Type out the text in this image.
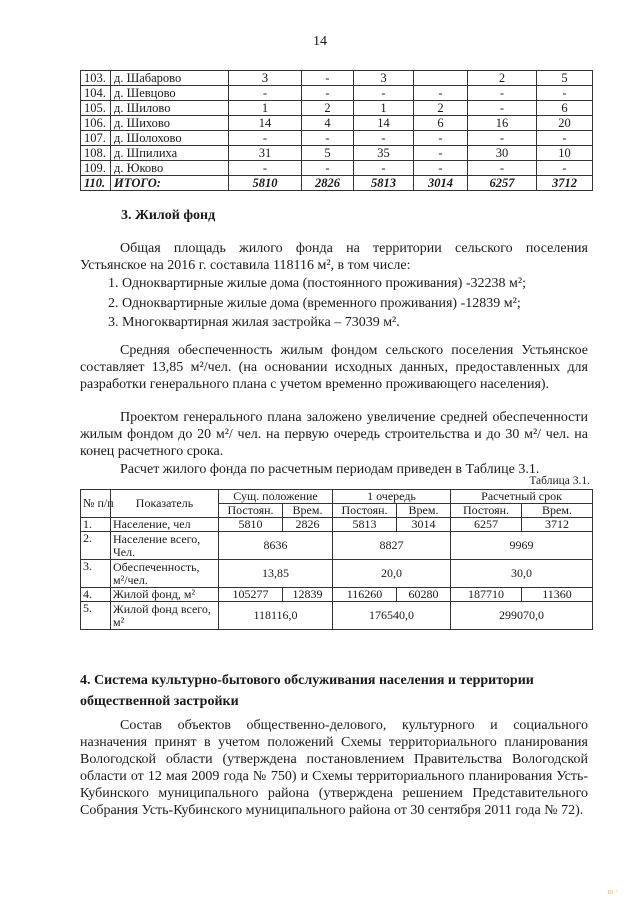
14
103.	д. Шабарово	3	-	3		2	5
104.	д. Шевцово	-	-	-	-	-	-
105.	д. Шилово	1	2	1	2	-	6
106.	д. Шихово	14	4	14	6	16	20
107.	д. Шолохово	-	-	-	-	-	-
108.	д. Шпилиха	31	5	35	-	30	10
109.	д. Юково	-	-	-	-	-	-
110.	ИТОГО:	5810	2826	5813	3014	6257	3712
3. Жилой фонд
Общая площадь жилого фонда на территории сельского поселения Устьянское на 2016 г. составила 118116 м², в том числе:
1. Одноквартирные жилые дома (постоянного проживания) -32238 м²;
2. Одноквартирные жилые дома (временного проживания) -12839 м²;
3. Многоквартирная жилая застройка – 73039 м².
Средняя обеспеченность жилым фондом сельского поселения Устьянское составляет 13,85 м²/чел. (на основании исходных данных, предоставленных для разработки генерального плана с учетом временно проживающего населения).
Проектом генерального плана заложено увеличение средней обеспеченности жилым фондом до 20 м²/ чел. на первую очередь строительства и до 30 м²/ чел. на конец расчетного срока.
Расчет жилого фонда по расчетным периодам приведен в Таблице 3.1.
Таблица 3.1.
№ п/п	Показатель	Сущ. положение		1 очередь		Расчетный срок	
		Постоян.	Врем.	Постоян.	Врем.	Постоян.	Врем.
1.	Население, чел	5810	2826	5813	3014	6257	3712
2.	Население всего, Чел.	8636		8827		9969	
3.	Обеспеченность, м²/чел.	13,85		20,0		30,0	
4.	Жилой фонд, м²	105277	12839	116260	60280	187710	11360
5.	Жилой фонд всего, м²	118116,0		176540,0		299070,0	
4. Система культурно-бытового обслуживания населения и территории общественной застройки
Состав объектов общественно-делового, культурного и социального назначения принят в учетом положений Схемы территориального планирования Вологодской области (утверждена постановлением Правительства Вологодской области от 12 мая 2009 года № 750) и Схемы территориального планирования Усть-Кубинского муниципального района (утверждена решением Представительного Собрания Усть-Кубинского муниципального района от 30 сентября 2011 года № 72).
ю ·
